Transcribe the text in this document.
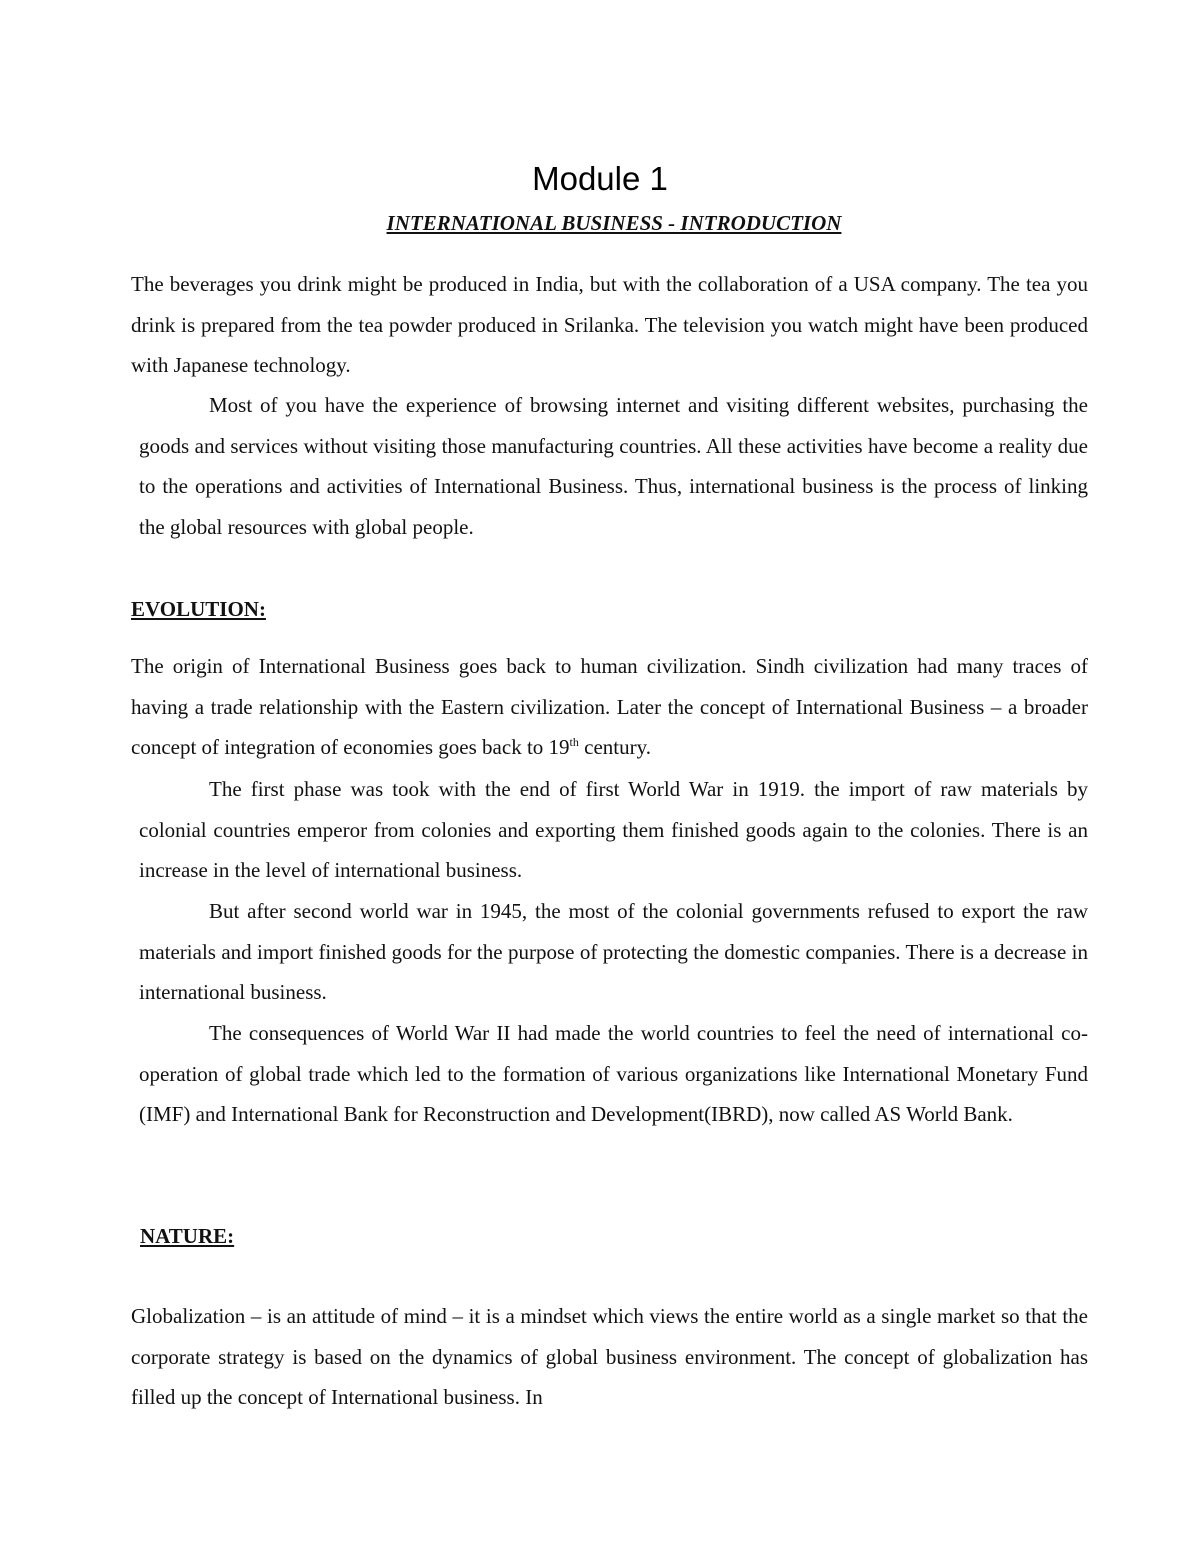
Module 1
INTERNATIONAL BUSINESS - INTRODUCTION

The beverages you drink might be produced in India, but with the collaboration of a USA company. The tea you drink is prepared from the tea powder produced in Srilanka. The television you watch might have been produced with Japanese technology.

Most of you have the experience of browsing internet and visiting different websites, purchasing the goods and services without visiting those manufacturing countries. All these activities have become a reality due to the operations and activities of International Business. Thus, international business is the process of linking the global resources with global people.

EVOLUTION:

The origin of International Business goes back to human civilization. Sindh civilization had many traces of having a trade relationship with the Eastern civilization. Later the concept of International Business – a broader concept of integration of economies goes back to 19th century.

The first phase was took with the end of first World War in 1919. the import of raw materials by colonial countries emperor from colonies and exporting them finished goods again to the colonies. There is an increase in the level of international business.

But after second world war in 1945, the most of the colonial governments refused to export the raw materials and import finished goods for the purpose of protecting the domestic companies. There is a decrease in international business.

The consequences of World War II had made the world countries to feel the need of international co-operation of global trade which led to the formation of various organizations like International Monetary Fund (IMF) and International Bank for Reconstruction and Development(IBRD), now called AS World Bank.

NATURE:

Globalization – is an attitude of mind – it is a mindset which views the entire world as a single market so that the corporate strategy is based on the dynamics of global business environment. The concept of globalization has filled up the concept of International business. In
